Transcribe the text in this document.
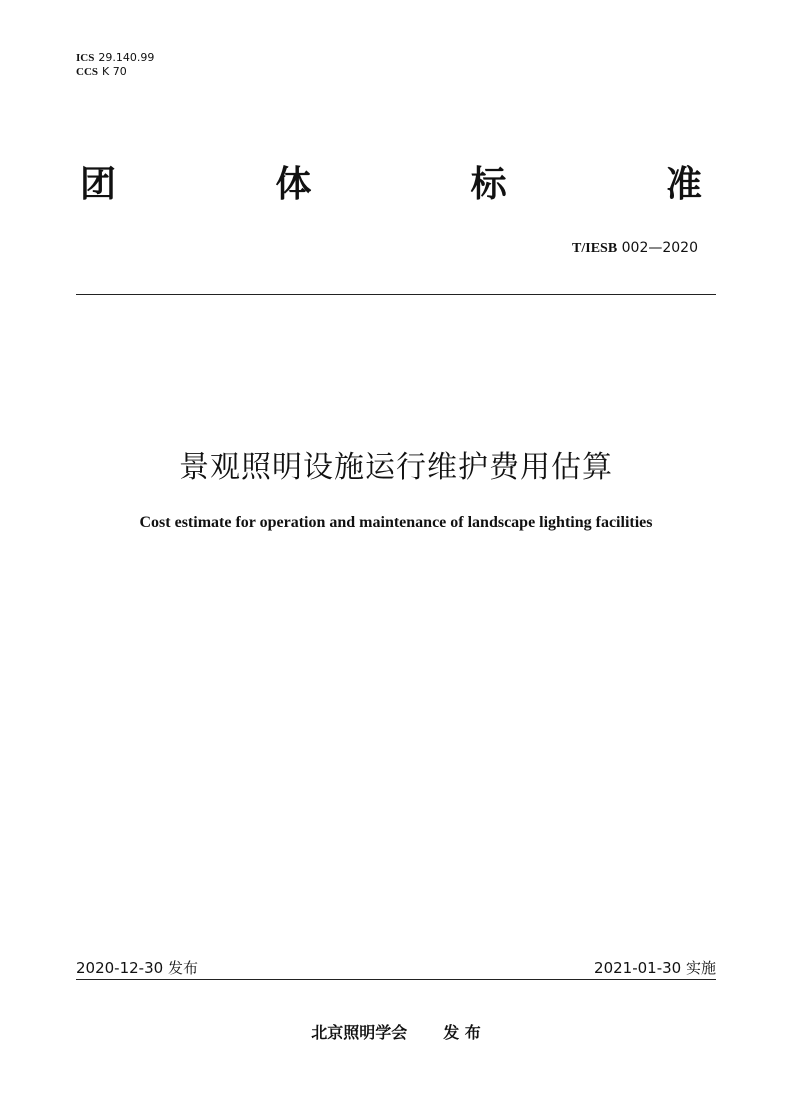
ICS 29.140.99
CCS K 70
团	体	标	准
T/IESB 002—2020
景观照明设施运行维护费用估算
Cost estimate for operation and maintenance of landscape lighting facilities
2020-12-30 发布	2021-01-30 实施
北京照明学会 发 布
